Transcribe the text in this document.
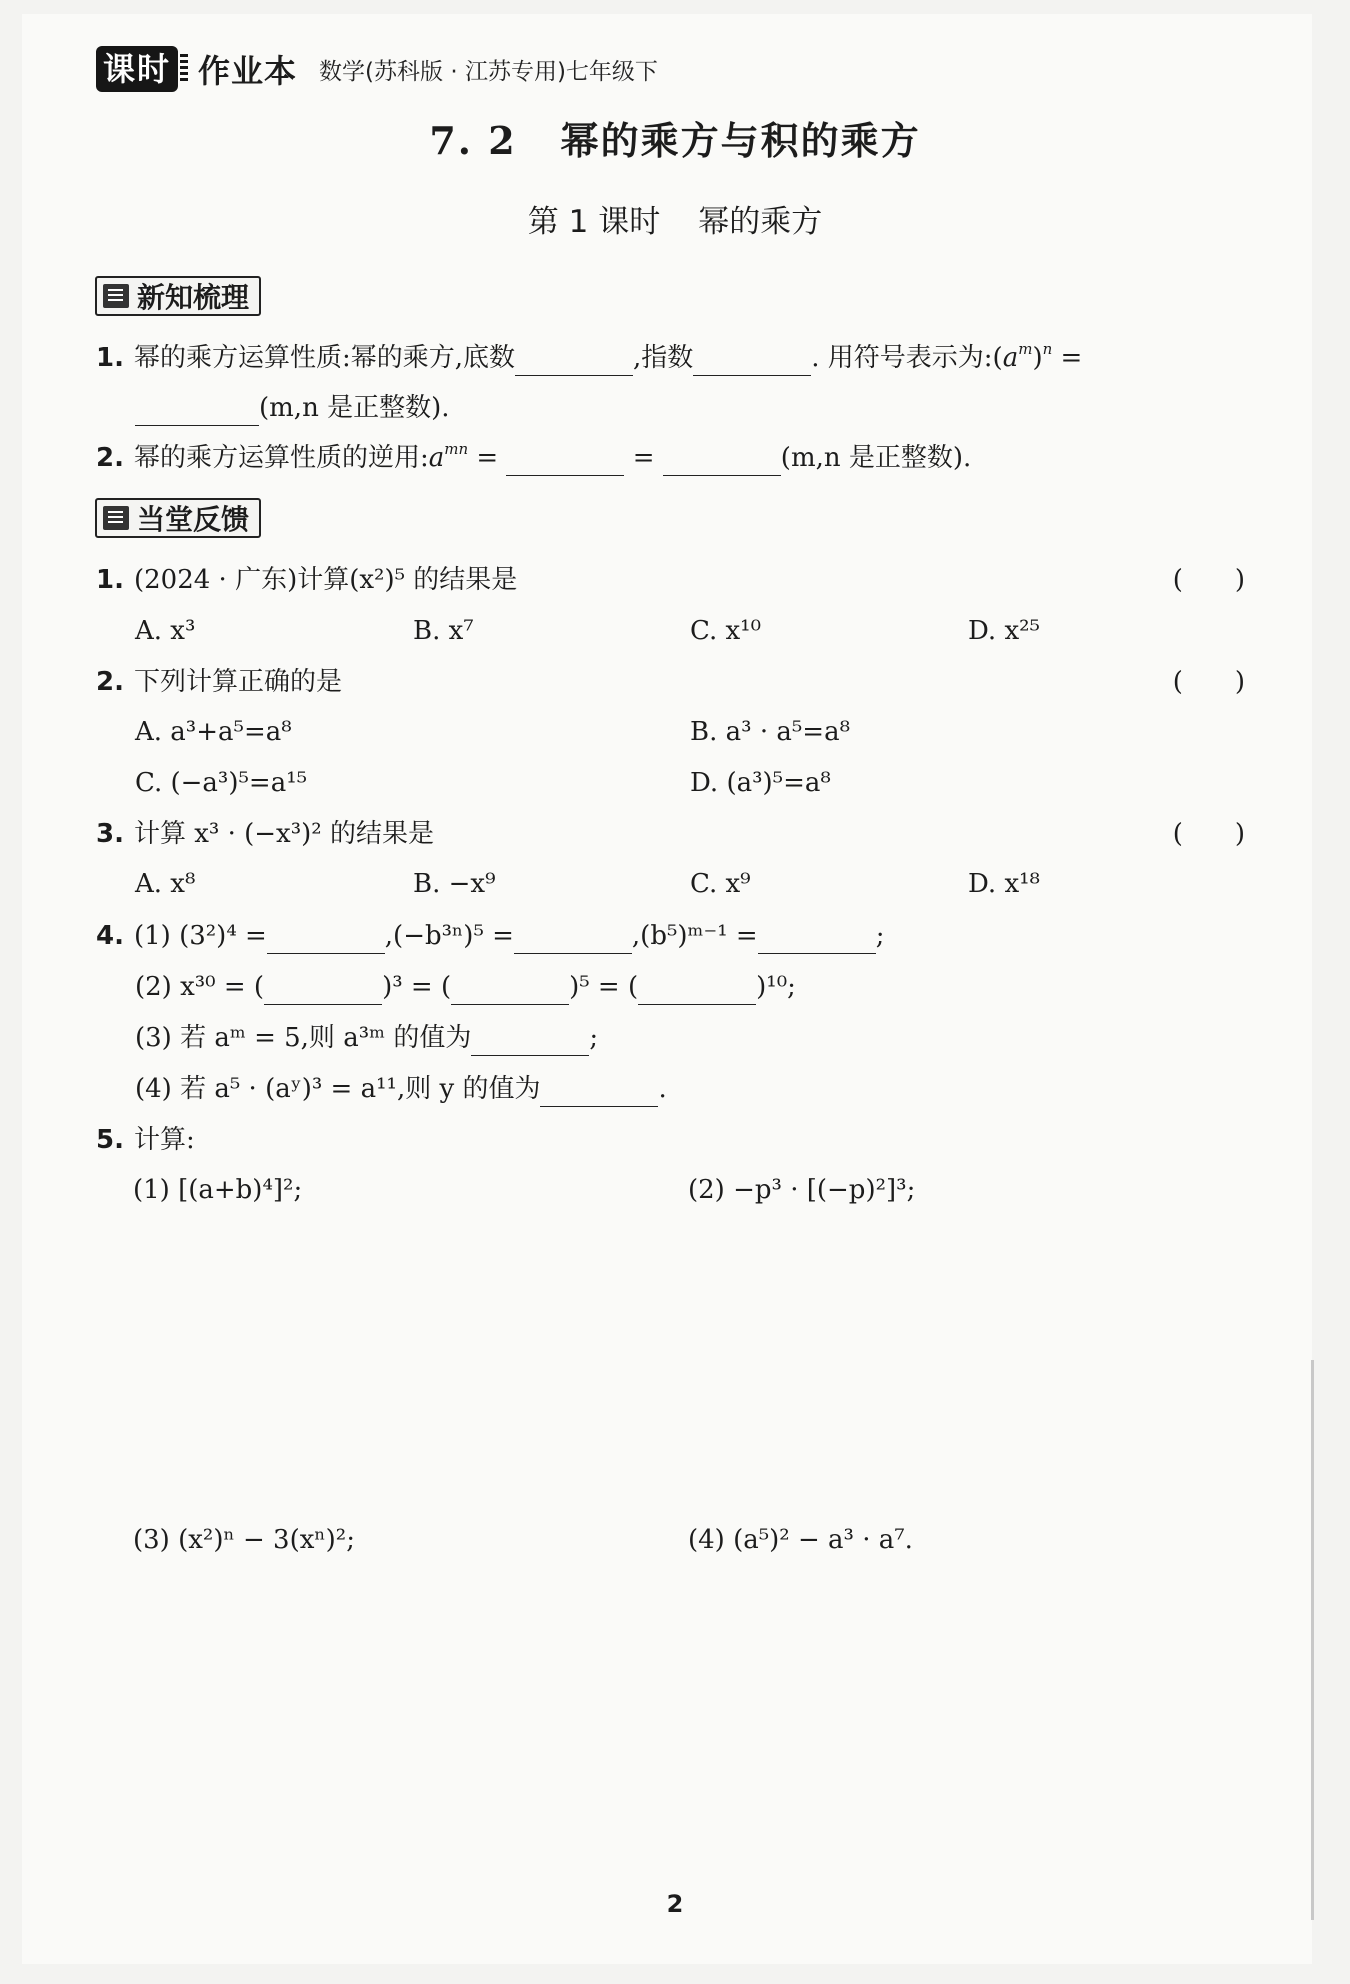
课时 作业本 数学(苏科版 · 江苏专用)七年级下
7. 2 幂的乘方与积的乘方
第 1 课时 幂的乘方
新知梳理
1. 幂的乘方运算性质:幂的乘方,底数	,指数	. 用符号表示为$:(a^m)^n$ =
(m,n 是正整数).
2. 幂的乘方运算性质的逆用$:a^{mn}$ =	=	(m,n 是正整数).
当堂反馈
1. (2024 · 广东)计算(x²)⁵ 的结果是	(　　)
A. x³	B. x⁷	C. x¹⁰	D. x²⁵
2. 下列计算正确的是	(　　)
A. a³+a⁵=a⁸	B. a³ · a⁵=a⁸
C. (−a³)⁵=a¹⁵	D. (a³)⁵=a⁸
3. 计算 x³ · (−x³)² 的结果是	(　　)
A. x⁸	B. −x⁹	C. x⁹	D. x¹⁸
4. (1) (3²)⁴ =	,(−b³ⁿ)⁵ =	,(b⁵)ᵐ⁻¹ =	;
(2) x³⁰ = (	)³ = (	)⁵ = (	)¹⁰;
(3) 若 aᵐ = 5,则 a³ᵐ 的值为	;
(4) 若 a⁵ · (aʸ)³ = a¹¹,则 y 的值为	.
5. 计算:
(1) [(a+b)⁴]²;	(2) −p³ · [(−p)²]³;
(3) (x²)ⁿ − 3(xⁿ)²;	(4) (a⁵)² − a³ · a⁷.
2
